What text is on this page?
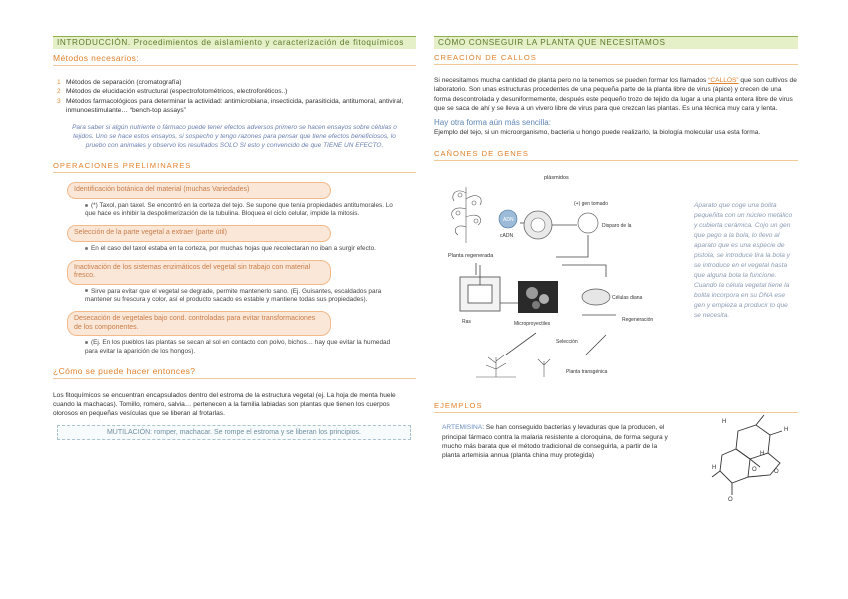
INTRODUCCIÓN. Procedimientos de aislamiento y caracterización de fitoquímicos
Métodos necesarios:
1 Métodos de separación (cromatografía)
2 Métodos de elucidación estructural (espectrofotométricos, electroforéticos..)
3 Métodos farmacológicos para determinar la actividad: antimicrobiana, insecticida, parasiticida, antitumoral, antiviral, inmunoestimulante… “bench-top assays”

Para saber si algún nutriente o fármaco puede tener efectos adversos primero se hacen ensayos sobre células o tejidos. Uno se hace estos ensayos, si sospecho y tengo razones para pensar que tiene efectos beneficiosos, lo pruebo con animales y observo los resultados SOLO SI esto y convencido de que TIENE UN EFECTO.

OPERACIONES PRELIMINARES
Identificación botánica del material (muchas Variedades)

(*) Taxol, pan taxel. Se encontró en la corteza del tejo. Se supone que tenía propiedades antitumorales. Lo que hace es inhibir la despolimerización de la tubulina. Bloquea el ciclo celular, impide la mitosis.

Selección de la parte vegetal a extraer (parte útil)

En el caso del taxol estaba en la corteza, por muchas hojas que recolectaran no iban a surgir efecto.

Inactivación de los sistemas enzimáticos del vegetal sin trabajo con material fresco.

Sirve para evitar que el vegetal se degrade, permite mantenerlo sano. (Ej. Guisantes, escaldados para mantener su frescura y color, así el producto sacado es estable y mantiene todas sus propiedades).

Desecación de vegetales bajo cond. controladas para evitar transformaciones de los componentes.

(Ej. En los pueblos las plantas se secan al sol en contacto con polvo, bichos… hay que evitar la humedad para evitar la aparición de los hongos).

¿Cómo se puede hacer entonces?

Los fitoquímicos se encuentran encapsulados dentro del estroma de la estructura vegetal (ej. La hoja de menta huele cuando la machacas). Tomillo, romero, salvia… pertenecen a la familia labiadas son plantas que tienen los cuerpos olorosos en pequeñas vesículas que se liberan al frotarlas.

MUTILACIÓN: romper, machacar. Se rompe el estroma y se liberan los principios.
CÓMO CONSEGUIR LA PLANTA QUE NECESITAMOS
CREACIÓN DE CALLOS

Si necesitamos mucha cantidad de planta pero no la tenemos se pueden formar los llamados “CALLOS” que son cultivos de laboratorio. Son unas estructuras procedentes de una pequeña parte de la planta libre de virus (ápice) y crecen de una forma descontrolada y desuniformemente, después este pequeño trozo de tejido da lugar a una planta entera libre de virus que se saca de ahí y se lleva a un vivero libre de virus para que crezcan las plantas. Es una técnica muy cara y lenta.

Hay otra forma aún más sencilla:

Ejemplo del tejo, si un microorganismo, bacteria u hongo puede realizarlo, la biología molecular usa esta forma.

CAÑONES DE GENES
Planta regenerada
ADN
cADN
plásmidos
(+) gen tomado
Disparo de la
Ras	Microproyectiles
Células diana
Regeneración
Selección
Planta transgénica

Aparato que coge una bolita pequeñita con un núcleo metálico y cubierta cerámica. Cojo un gen que pego a la bola, lo llevo al aparato que es una especie de pistola, se introduce tira la bola y se introduce en el vegetal hasta que alguna bola la funcione. Cuando la célula vegetal tiene la bolita incorpora en su DNA ese gen y empieza a producir lo que se necesita.

EJEMPLOS

ARTEMISINA: Se han conseguido bacterias y levaduras que la producen, el principal fármaco contra la malaria resistente a cloroquina, de forma segura y mucho más barata que el método tradicional de conseguirla, a partir de la planta artemisia annua (planta china muy protegida)

H
H
O	O
O
H
H
